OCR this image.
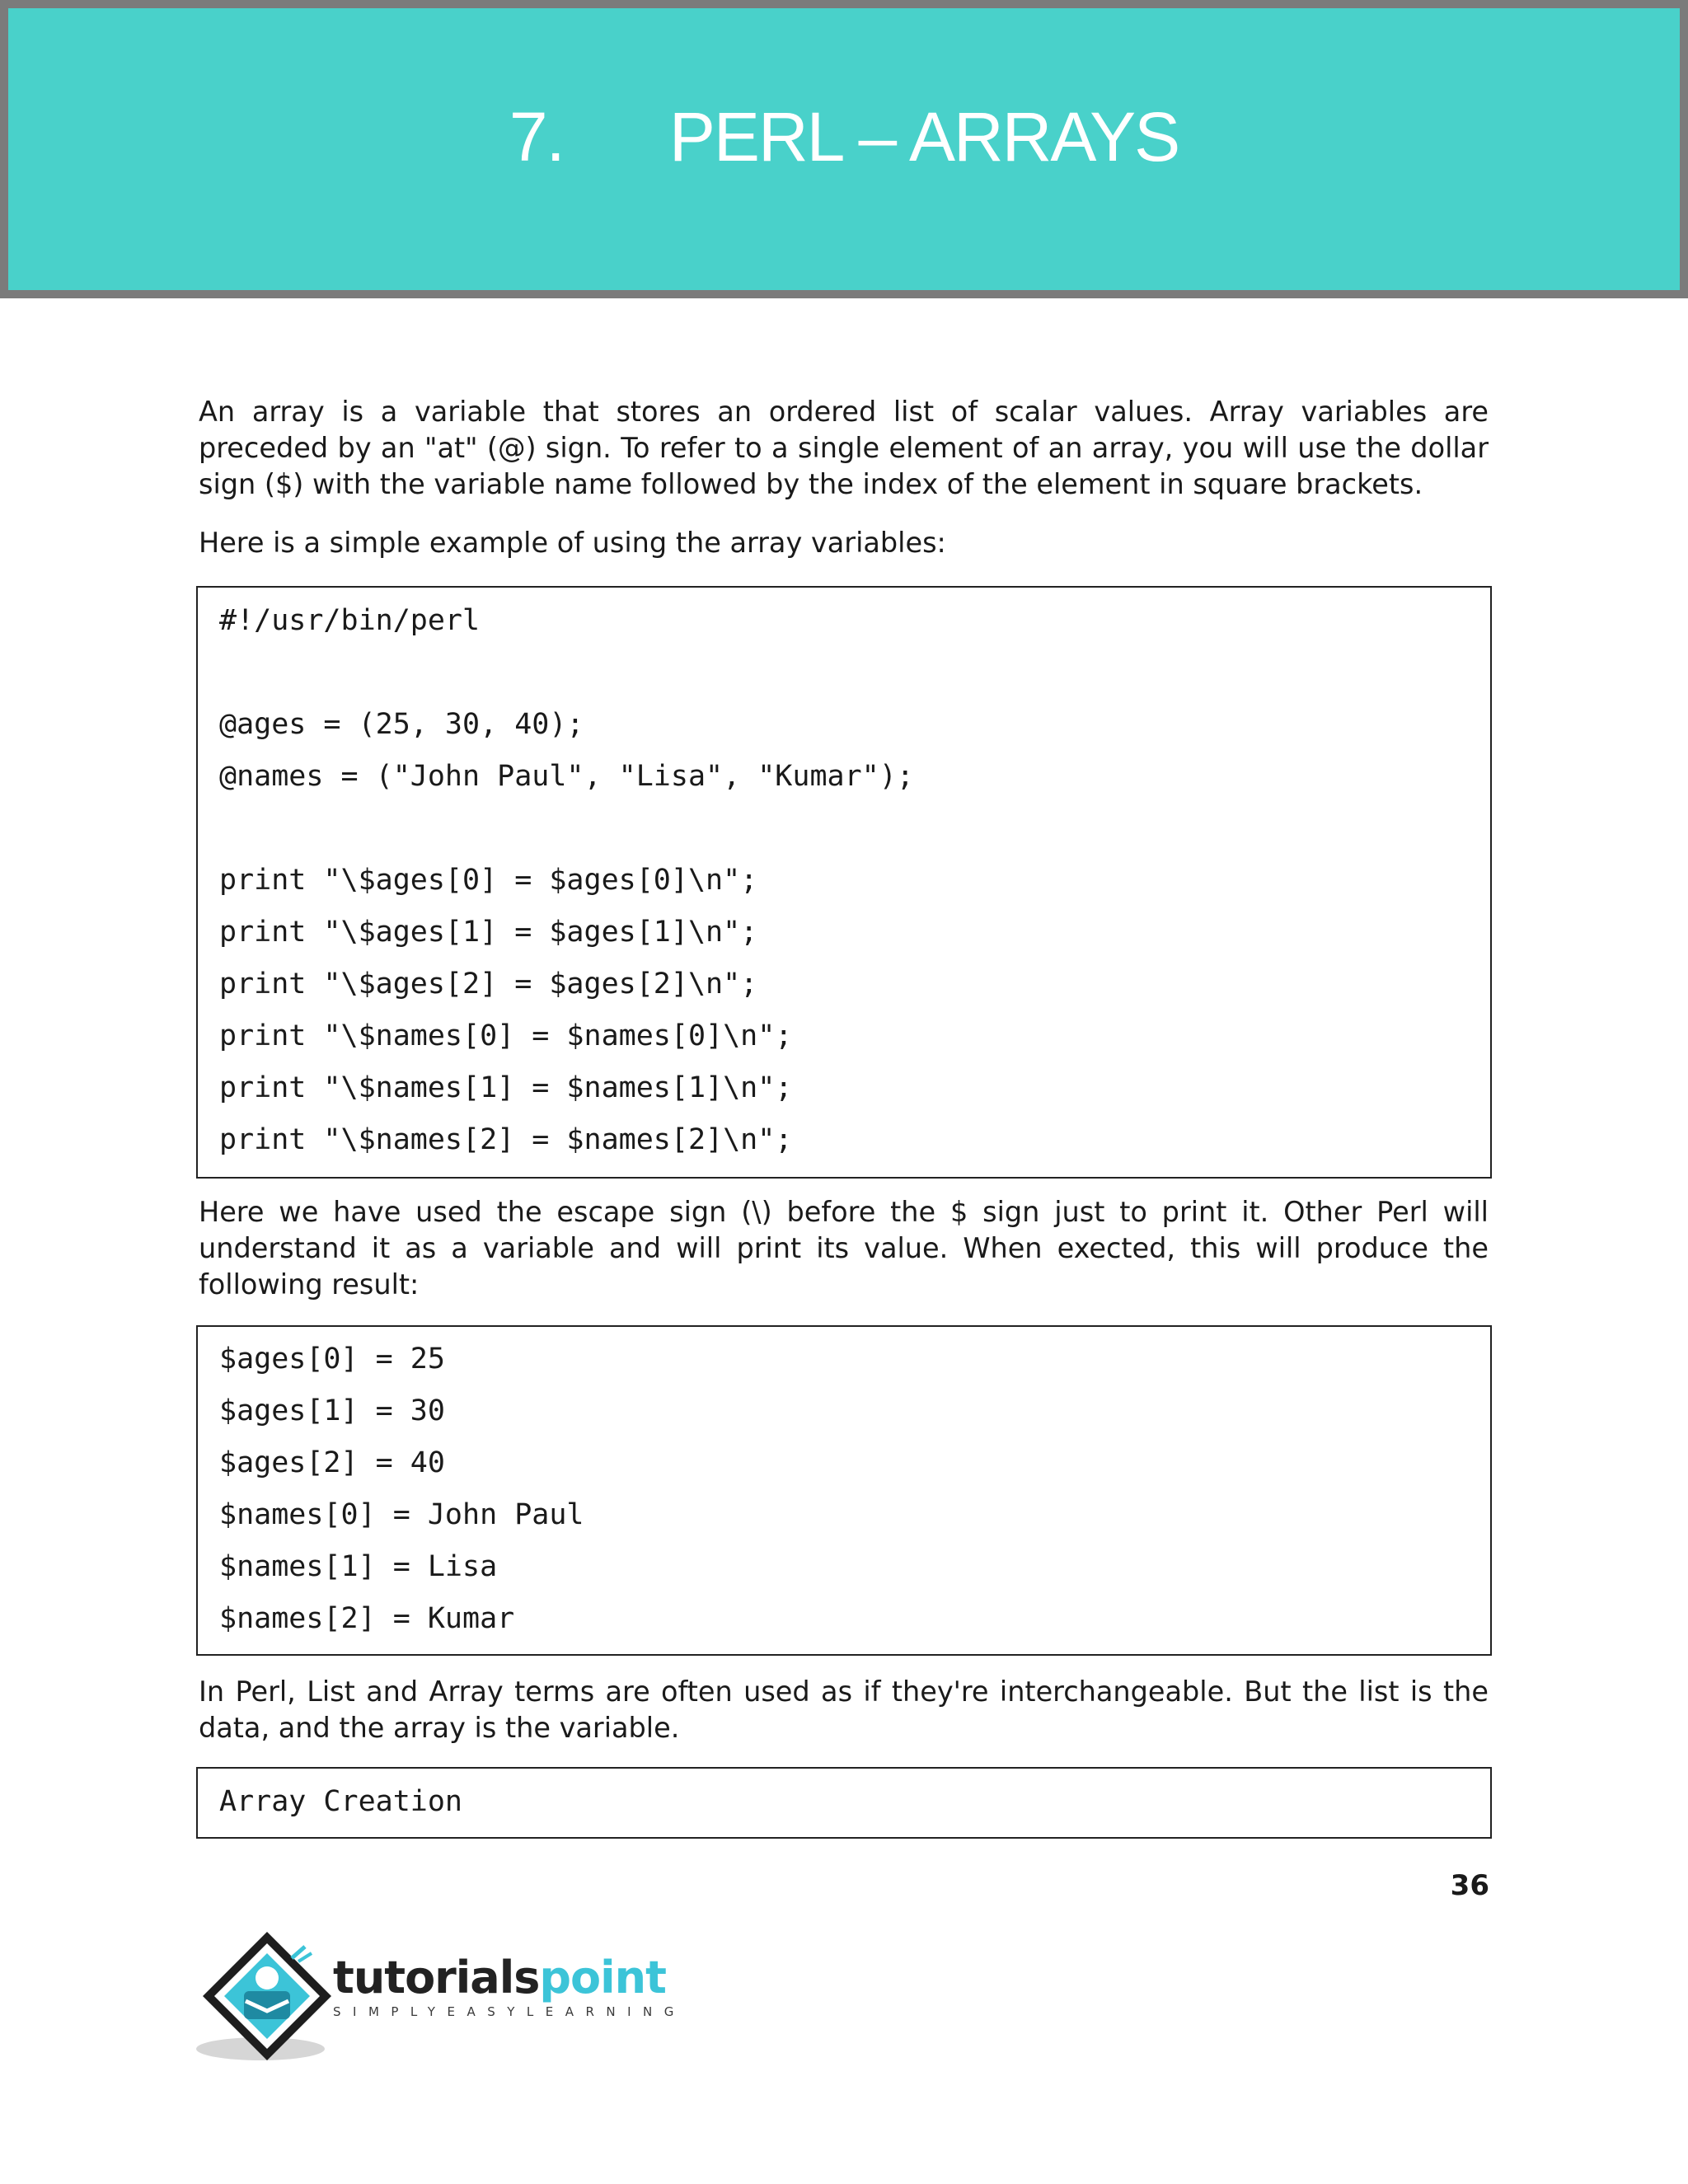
7. PERL – ARRAYS

An array is a variable that stores an ordered list of scalar values. Array variables are preceded by an "at" (@) sign. To refer to a single element of an array, you will use the dollar sign ($) with the variable name followed by the index of the element in square brackets.

Here is a simple example of using the array variables:

#!/usr/bin/perl
@ages = (25, 30, 40);
@names = ("John Paul", "Lisa", "Kumar");
print "\$ages[0] = $ages[0]\n";
print "\$ages[1] = $ages[1]\n";
print "\$ages[2] = $ages[2]\n";
print "\$names[0] = $names[0]\n";
print "\$names[1] = $names[1]\n";
print "\$names[2] = $names[2]\n";

Here we have used the escape sign (\) before the $ sign just to print it. Other Perl will understand it as a variable and will print its value. When exected, this will produce the following result:

$ages[0] = 25
$ages[1] = 30
$ages[2] = 40
$names[0] = John Paul
$names[1] = Lisa
$names[2] = Kumar

In Perl, List and Array terms are often used as if they're interchangeable. But the list is the data, and the array is the variable.

Array Creation
36
tutorialspoint
SIMPLYEASYLEARNING
